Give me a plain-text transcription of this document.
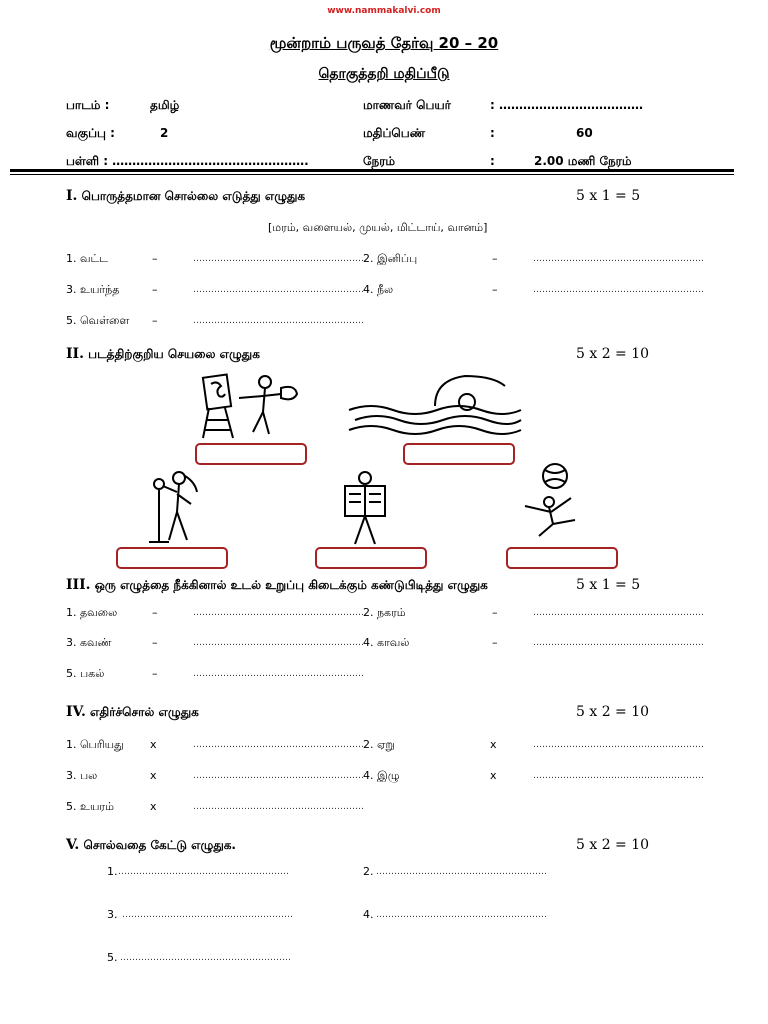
www.nammakalvi.com
மூன்றாம் பருவத் தேர்வு 20 – 20
தொகுத்தறி மதிப்பீடு
பாடம் :	தமிழ்	மாணவர் பெயர்	: ………………………………
வகுப்பு :	2	மதிப்பெண்	:	60
பள்ளி : ………………………………………….	நேரம்	:	2.00 மணி நேரம்
I. பொருத்தமான சொல்லை எடுத்து எழுதுக	5 x 1 = 5
[மரம், வளையல், முயல், மிட்டாய், வானம்]
1. வட்ட	–	………………………………………………… 2. இனிப்பு	–	…………………………………………………
3. உயர்ந்த	–	………………………………………………… 4. நீல	–	…………………………………………………
5. வெள்ளை –	…………………………………………………
II. படத்திற்குறிய செயலை எழுதுக	5 x 2 = 10
III. ஒரு எழுத்தை நீக்கினால் உடல் உறுப்பு கிடைக்கும் கண்டுபிடித்து எழுதுக	5 x 1 = 5
1. தவலை	–	………………………………………………… 2. நகரம்	–	…………………………………………………
3. கவண்	–	………………………………………………… 4. காவல்	–	…………………………………………………
5. பகல்	–	…………………………………………………
IV. எதிர்ச்சொல் எழுதுக	5 x 2 = 10
1. பெரியது x	………………………………………………… 2. ஏறு	x	…………………………………………………
3. பல	x	………………………………………………… 4. இழு	x	…………………………………………………
5. உயரம்	x	…………………………………………………
V. சொல்வதை கேட்டு எழுதுக.	5 x 2 = 10
1. …………………………………………………	2. …………………………………………………
3. …………………………………………………	4. …………………………………………………
5. …………………………………………………
